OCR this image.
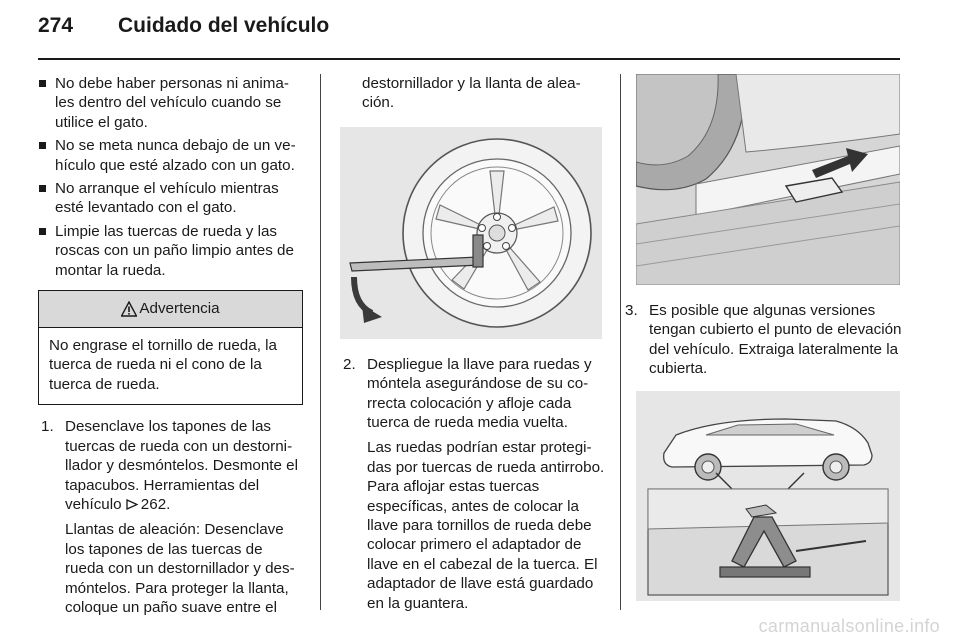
274	Cuidado del vehículo
No debe haber personas ni animales dentro del vehículo cuando se utilice el gato.
No se meta nunca debajo de un vehículo que esté alzado con un gato.
No arranque el vehículo mientras esté levantado con el gato.
Limpie las tuercas de rueda y las roscas con un paño limpio antes de montar la rueda.
Advertencia
No engrase el tornillo de rueda, la tuerca de rueda ni el cono de la tuerca de rueda.
1. Desenclave los tapones de las tuercas de rueda con un destornillador y desmóntelos. Desmonte el tapacubos. Herramientas del vehículo 262.

Llantas de aleación: Desenclave los tapones de las tuercas de rueda con un destornillador y desmóntelos. Para proteger la llanta, coloque un paño suave entre el

destornillador y la llanta de aleación.
2. Despliegue la llave para ruedas y móntela asegurándose de su correcta colocación y afloje cada tuerca de rueda media vuelta.

Las ruedas podrían estar protegidas por tuercas de rueda antirrobo. Para aflojar estas tuercas específicas, antes de colocar la llave para tornillos de rueda debe colocar primero el adaptador de llave en el cabezal de la tuerca. El adaptador de llave está guardado en la guantera.

3. Es posible que algunas versiones tengan cubierto el punto de elevación del vehículo. Extraiga lateralmente la cubierta.

carmanualsonline.info
